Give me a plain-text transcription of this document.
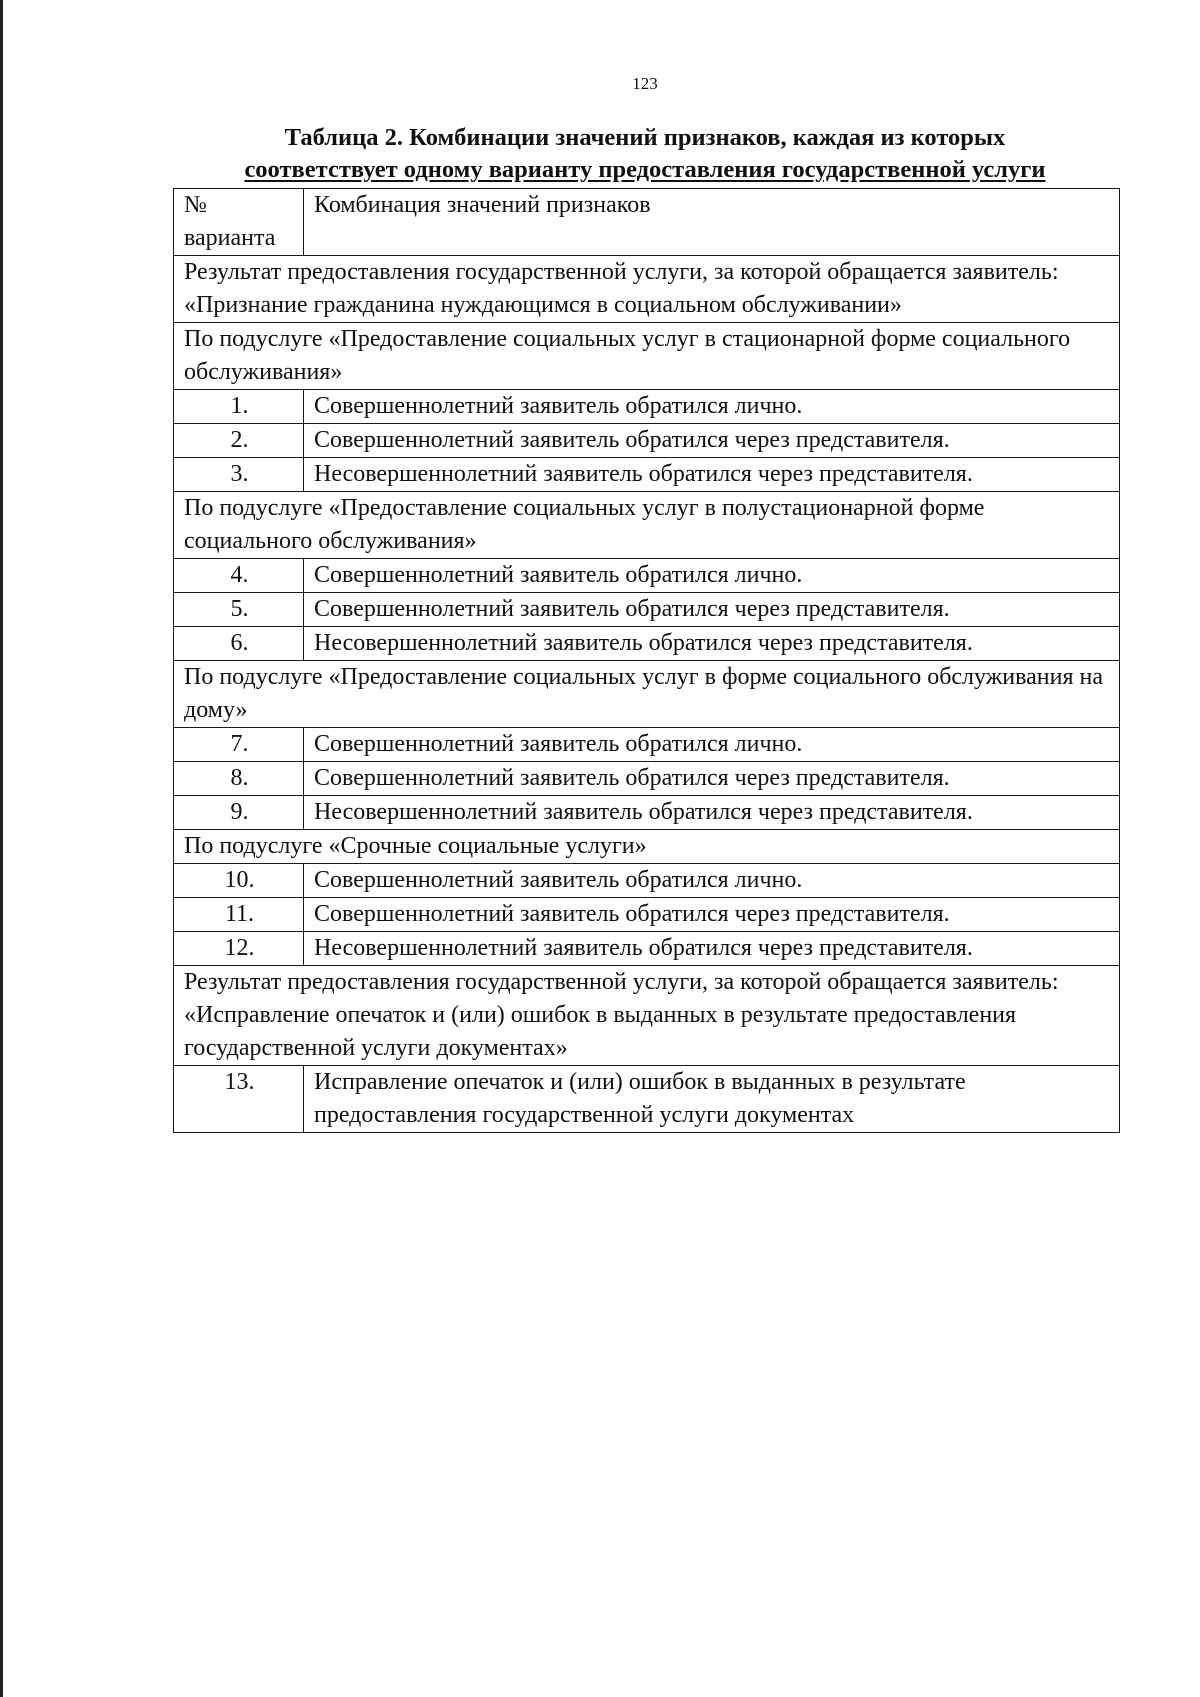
123
Таблица 2. Комбинации значений признаков, каждая из которых
соответствует одному варианту предоставления государственной услуги
№
варианта	Комбинация значений признаков
Результат предоставления государственной услуги, за которой обращается заявитель: «Признание гражданина нуждающимся в социальном обслуживании»	
По подуслуге «Предоставление социальных услуг в стационарной форме социального обслуживания»	
1.	Совершеннолетний заявитель обратился лично.
2.	Совершеннолетний заявитель обратился через представителя.
3.	Несовершеннолетний заявитель обратился через представителя.
По подуслуге «Предоставление социальных услуг в полустационарной форме социального обслуживания»	
4.	Совершеннолетний заявитель обратился лично.
5.	Совершеннолетний заявитель обратился через представителя.
6.	Несовершеннолетний заявитель обратился через представителя.
По подуслуге «Предоставление социальных услуг в форме социального обслуживания на дому»	
7.	Совершеннолетний заявитель обратился лично.
8.	Совершеннолетний заявитель обратился через представителя.
9.	Несовершеннолетний заявитель обратился через представителя.
По подуслуге «Срочные социальные услуги»	
10.	Совершеннолетний заявитель обратился лично.
11.	Совершеннолетний заявитель обратился через представителя.
12.	Несовершеннолетний заявитель обратился через представителя.
Результат предоставления государственной услуги, за которой обращается заявитель: «Исправление опечаток и (или) ошибок в выданных в результате предоставления государственной услуги документах»	
13.	Исправление опечаток и (или) ошибок в выданных в результате предоставления государственной услуги документах
